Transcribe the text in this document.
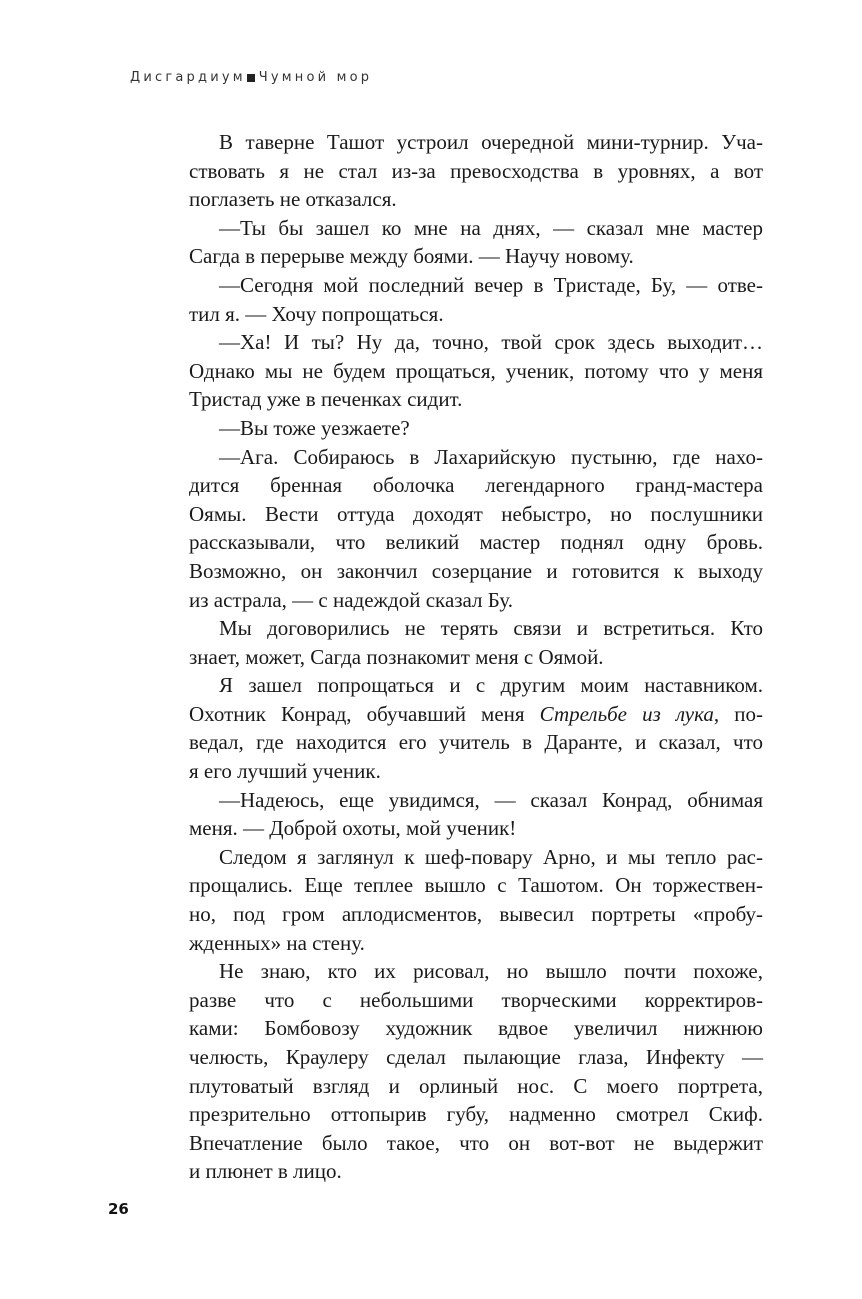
Дисгардиум Чумной мор
В таверне Ташот устроил очередной мини-турнир. Уча-
ствовать я не стал из-за превосходства в уровнях, а вот
поглазеть не отказался.
—Ты бы зашел ко мне на днях, — сказал мне мастер
Сагда в перерыве между боями. — Научу новому.
—Сегодня мой последний вечер в Тристаде, Бу, — отве-
тил я. — Хочу попрощаться.
—Ха! И ты? Ну да, точно, твой срок здесь выходит…
Однако мы не будем прощаться, ученик, потому что у меня
Тристад уже в печенках сидит.
—Вы тоже уезжаете?
—Ага. Собираюсь в Лахарийскую пустыню, где нахо-
дится бренная оболочка легендарного гранд-мастера
Оямы. Вести оттуда доходят небыстро, но послушники
рассказывали, что великий мастер поднял одну бровь.
Возможно, он закончил созерцание и готовится к выходу
из астрала, — с надеждой сказал Бу.
Мы договорились не терять связи и встретиться. Кто
знает, может, Сагда познакомит меня с Оямой.
Я зашел попрощаться и с другим моим наставником.
Охотник Конрад, обучавший меня Стрельбе из лука, по-
ведал, где находится его учитель в Даранте, и сказал, что
я его лучший ученик.
—Надеюсь, еще увидимся, — сказал Конрад, обнимая
меня. — Доброй охоты, мой ученик!
Следом я заглянул к шеф-повару Арно, и мы тепло рас-
прощались. Еще теплее вышло с Ташотом. Он торжествен-
но, под гром аплодисментов, вывесил портреты «пробу-
жденных» на стену.
Не знаю, кто их рисовал, но вышло почти похоже,
разве что с небольшими творческими корректиров-
ками: Бомбовозу художник вдвое увеличил нижнюю
челюсть, Краулеру сделал пылающие глаза, Инфекту —
плутоватый взгляд и орлиный нос. С моего портрета,
презрительно оттопырив губу, надменно смотрел Скиф.
Впечатление было такое, что он вот-вот не выдержит
и плюнет в лицо.
26
